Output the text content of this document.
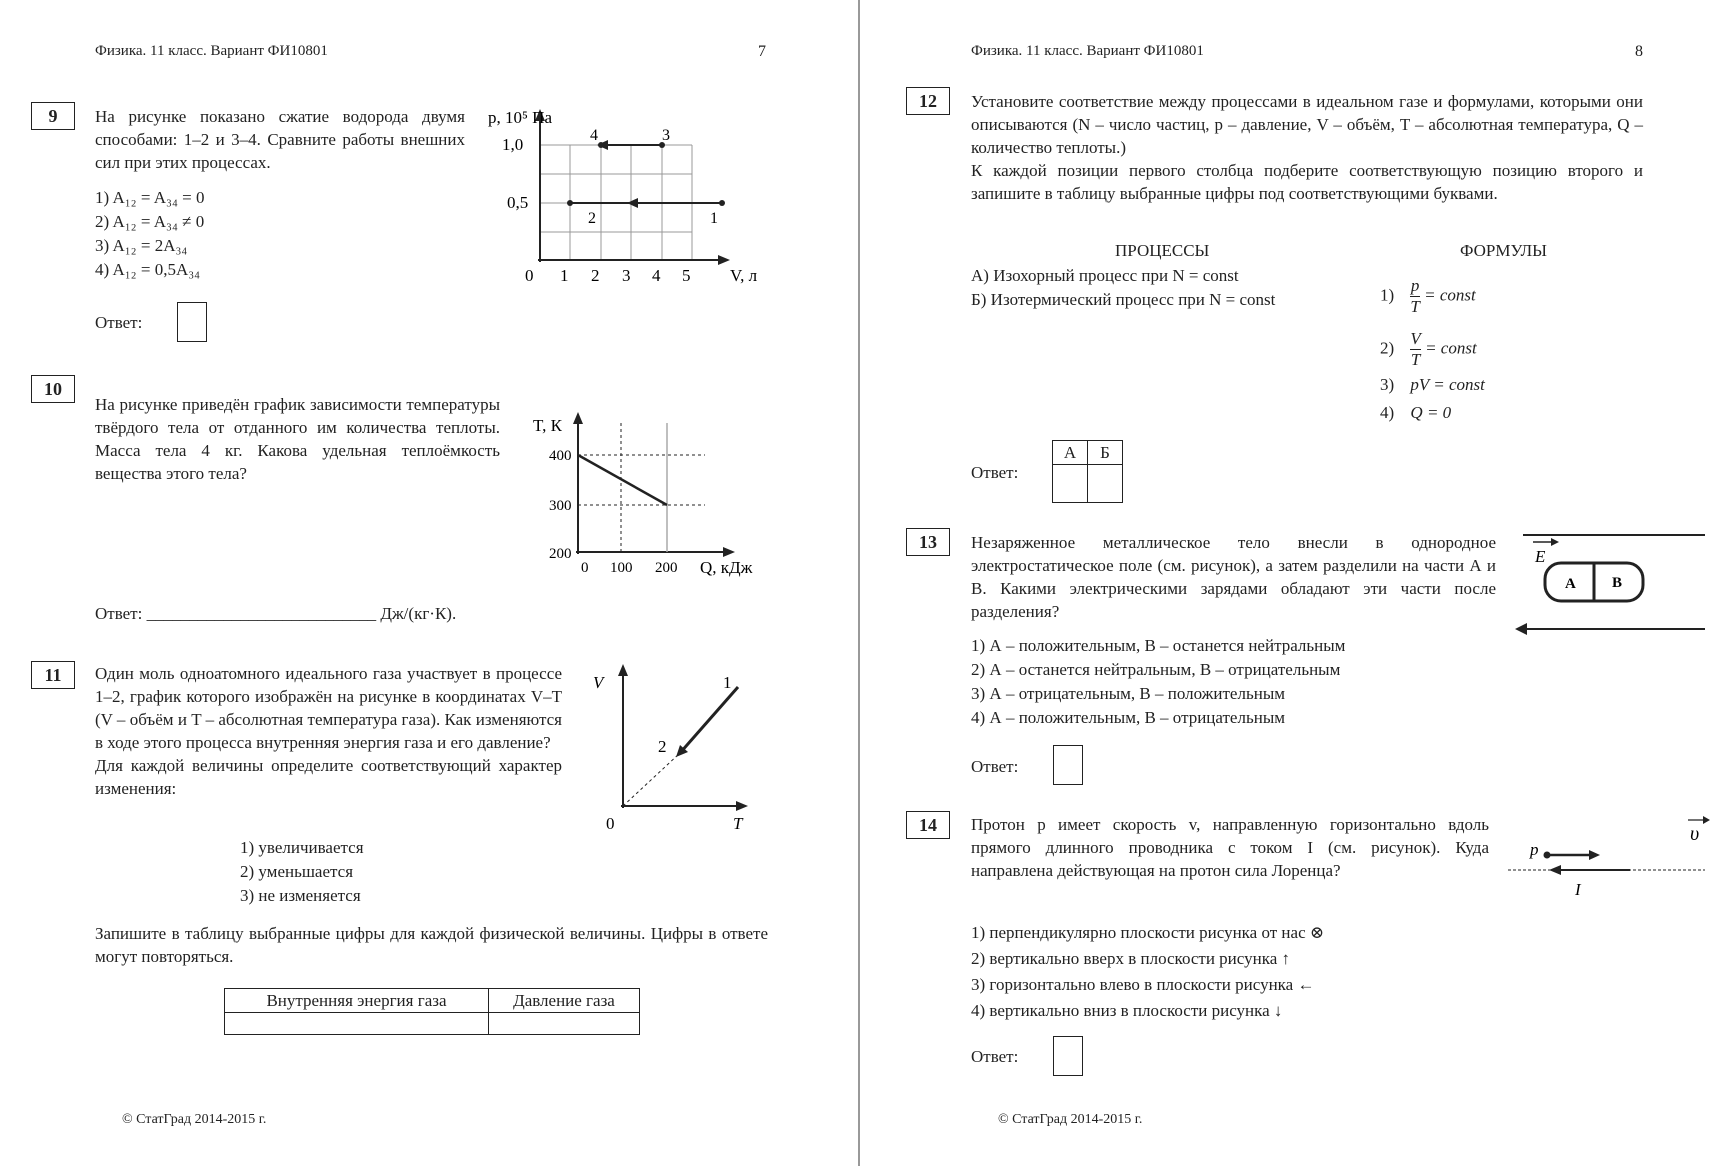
Физика. 11 класс. Вариант ФИ10801	7
9	На рисунке показано сжатие водорода двумя способами: 1–2 и 3–4. Сравните работы внешних сил при этих процессах.
1) A₁₂ = A₃₄ = 0
2) A₁₂ = A₃₄ ≠ 0
3) A₁₂ = 2A₃₄
4) A₁₂ = 0,5A₃₄
Ответ:
p, 10⁵ Па
V, л
1,0
0,5
0 1 2 3 4 5
4	3
2	1
10
На рисунке приведён график зависимости температуры твёрдого тела от отданного им количества теплоты. Масса тела 4 кг. Какова удельная теплоёмкость вещества этого тела?
T, К
Q, кДж
400
300
200
0 100 200
Ответ: ___________________________ Дж/(кг·К).
11	Один моль одноатомного идеального газа участвует в процессе 1–2, график которого изображён на рисунке в координатах V–T (V – объём и T – абсолютная температура газа). Как изменяются в ходе этого процесса внутренняя энергия газа и его давление?
Для каждой величины определите соответствующий характер изменения:
V
T
0
1
2
1) увеличивается
2) уменьшается
3) не изменяется
Запишите в таблицу выбранные цифры для каждой физической величины. Цифры в ответе могут повторяться.
Внутренняя энергия газа	Давление газа

© СтатГрад 2014-2015 г.
Физика. 11 класс. Вариант ФИ10801	8
12	Установите соответствие между процессами в идеальном газе и формулами, которыми они описываются (N – число частиц, p – давление, V – объём, T – абсолютная температура, Q – количество теплоты.)
К каждой позиции первого столбца подберите соответствующую позицию второго и запишите в таблицу выбранные цифры под соответствующими буквами.
ПРОЦЕССЫ	ФОРМУЛЫ
А) Изохорный процесс при N = const
Б) Изотермический процесс при N = const	$1) \frac{p}{T}$ = const
$2) \frac{V}{T}$ = const
3) pV = const
4) Q = 0
Ответ:
А	Б

13	Незаряженное металлическое тело внесли в однородное электростатическое поле (см. рисунок), а затем разделили на части А и В. Какими электрическими зарядами обладают эти части после разделения?
E
А В
1) А – положительным, В – останется нейтральным
2) А – останется нейтральным, В – отрицательным
3) А – отрицательным, В – положительным
4) А – положительным, В – отрицательным
Ответ:
14	Протон p имеет скорость v, направленную горизонтально вдоль прямого длинного проводника с током I (см. рисунок). Куда направлена действующая на протон сила Лоренца?
υ
p
I
1) перпендикулярно плоскости рисунка от нас ⊗
2) вертикально вверх в плоскости рисунка ↑
3) горизонтально влево в плоскости рисунка ←
4) вертикально вниз в плоскости рисунка ↓
Ответ:
© СтатГрад 2014-2015 г.
